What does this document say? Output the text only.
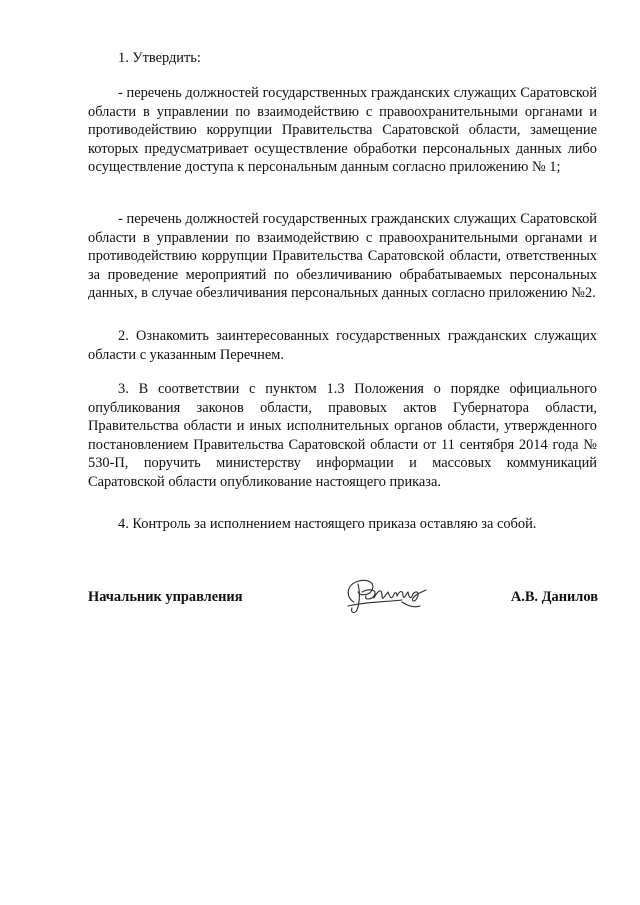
1. Утвердить:

- перечень должностей государственных гражданских служащих Саратовской области в управлении по взаимодействию с правоохранительными органами и противодействию коррупции Правительства Саратовской области, замещение которых предусматривает осуществление обработки персональных данных либо осуществление доступа к персональным данным согласно приложению № 1;

- перечень должностей государственных гражданских служащих Саратовской области в управлении по взаимодействию с правоохранительными органами и противодействию коррупции Правительства Саратовской области, ответственных за проведение мероприятий по обезличиванию обрабатываемых персональных данных, в случае обезличивания персональных данных согласно приложению №2.

2. Ознакомить заинтересованных государственных гражданских служащих области с указанным Перечнем.

3. В соответствии с пунктом 1.3 Положения о порядке официального опубликования законов области, правовых актов Губернатора области, Правительства области и иных исполнительных органов области, утвержденного постановлением Правительства Саратовской области от 11 сентября 2014 года № 530-П, поручить министерству информации и массовых коммуникаций Саратовской области опубликование настоящего приказа.

4. Контроль за исполнением настоящего приказа оставляю за собой.

Начальник управления	А.В. Данилов
